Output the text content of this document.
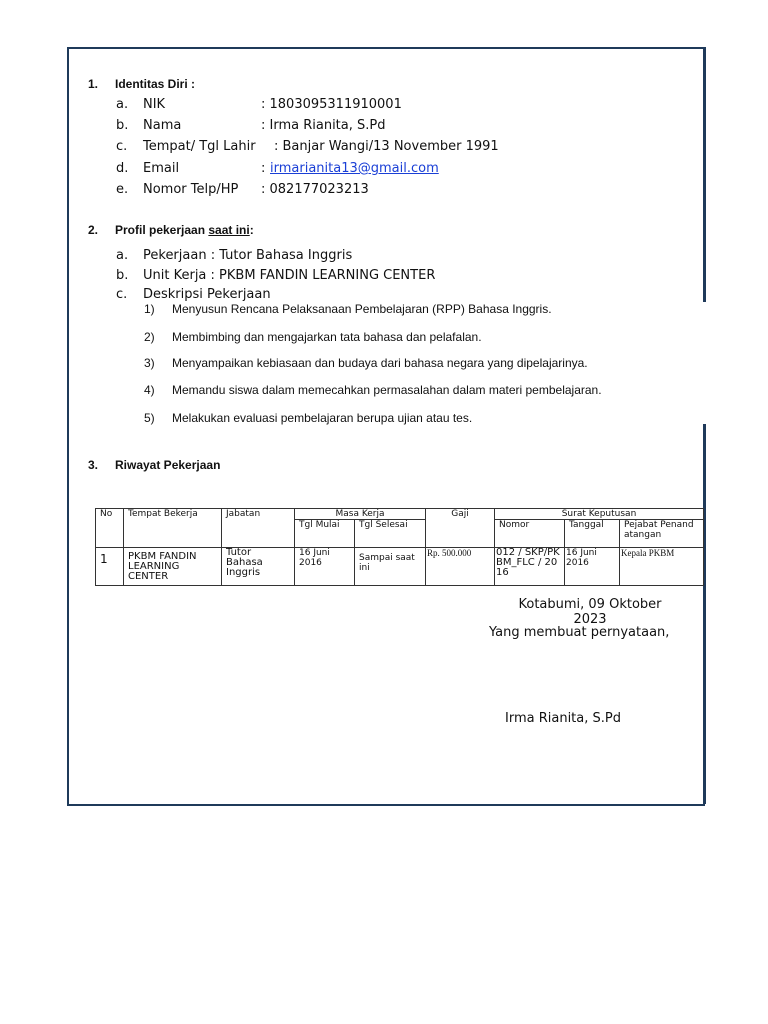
1. Identitas Diri :
a. NIK	: 1803095311910001
b. Nama	: Irma Rianita, S.Pd
c. Tempat/ Tgl Lahir : Banjar Wangi/13 November 1991
d. Email	: irmarianita13@gmail.com
e. Nomor Telp/HP : 082177023213
2. Profil pekerjaan saat ini:
a. Pekerjaan : Tutor Bahasa Inggris
b. Unit Kerja : PKBM FANDIN LEARNING CENTER
c. Deskripsi Pekerjaan
1) Menyusun Rencana Pelaksanaan Pembelajaran (RPP) Bahasa Inggris.
2) Membimbing dan mengajarkan tata bahasa dan pelafalan.
3) Menyampaikan kebiasaan dan budaya dari bahasa negara yang dipelajarinya.
4) Memandu siswa dalam memecahkan permasalahan dalam materi pembelajaran.
5) Melakukan evaluasi pembelajaran berupa ujian atau tes.
3. Riwayat Pekerjaan
No	Tempat Bekerja	Jabatan	Masa Kerja		Gaji	Surat Keputusan		
			Tgl Mulai	Tgl Selesai		Nomor	Tanggal	Pejabat Penandatangan
1	PKBM FANDIN LEARNING CENTER	Tutor Bahasa Inggris	16 Juni 2016	Sampai saat ini	Rp. 500.000	012 / SKP/PKBM_FLC / 2016	16 Juni 2016	Kepala PKBM
Kotabumi, 09 Oktober
2023
Yang membuat pernyataan,
Irma Rianita, S.Pd
